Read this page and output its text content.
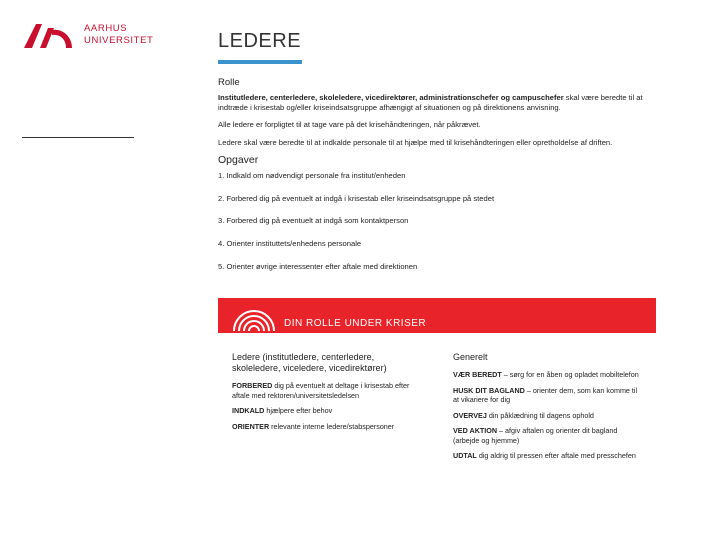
AARHUS
UNIVERSITET	LEDERE
Rolle

Institutledere, centerledere, skoleledere, vicedirektører, administrationschefer og campuschefer skal være beredte til at indtræde i krisestab og/eller kriseindsatsgruppe afhængigt af situationen og på direktionens anvisning.

Alle ledere er forpligtet til at tage vare på det krisehåndteringen, når påkrævet.

Ledere skal være beredte til at indkalde personale til at hjælpe med til krisehåndteringen eller opretholdelse af driften.

Opgaver
1. Indkald om nødvendigt personale fra institut/enheden
2. Forbered dig på eventuelt at indgå i krisestab eller kriseindsatsgruppe på stedet
3. Forbered dig på eventuelt at indgå som kontaktperson
4. Orienter instituttets/enhedens personale
5. Orienter øvrige interessenter efter aftale med direktionen
DIN ROLLE UNDER KRISER
Ledere (institutledere, centerledere, skoleledere, viceledere, vicedirektører)
FORBERED dig på eventuelt at deltage i krisestab efter aftale med rektoren/universitetsledelsen
INDKALD hjælpere efter behov
ORIENTER relevante interne ledere/stabspersoner
Generelt
VÆR BEREDT – sørg for en åben og opladet mobiltelefon
HUSK DIT BAGLAND – orienter dem, som kan komme til at vikariere for dig
OVERVEJ din påklædning til dagens ophold
VED AKTION – afgiv aftalen og orienter dit bagland (arbejde og hjemme)
UDTAL dig aldrig til pressen efter aftale med presschefen
